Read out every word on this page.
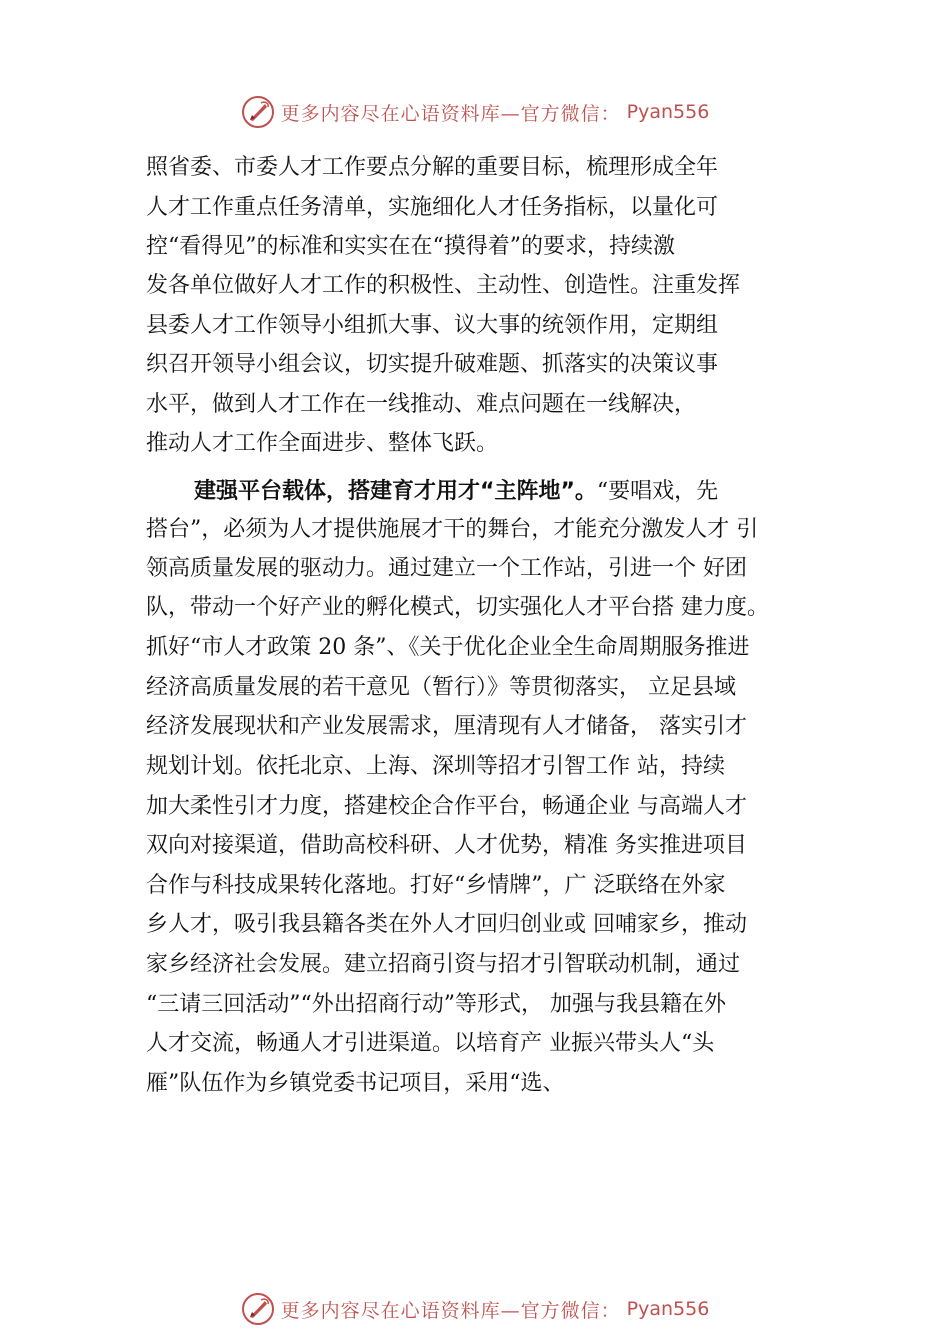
更多内容尽在心语资料库—官方微信： Pyan556
照省委、市委人才工作要点分解的重要目标，梳理形成全年
人才工作重点任务清单，实施细化人才任务指标，以量化可
控“看得见”的标准和实实在在“摸得着”的要求，持续激
发各单位做好人才工作的积极性、主动性、创造性。注重发挥
县委人才工作领导小组抓大事、议大事的统领作用，定期组
织召开领导小组会议，切实提升破难题、抓落实的决策议事
水平，做到人才工作在一线推动、难点问题在一线解决，
推动人才工作全面进步、整体飞跃。
建强平台载体，搭建育才用才“主阵地”。“要唱戏，先
搭台”，必须为人才提供施展才干的舞台，才能充分激发人才 引
领高质量发展的驱动力。通过建立一个工作站，引进一个 好团
队，带动一个好产业的孵化模式，切实强化人才平台搭 建力度。
抓好“市人才政策 20 条”、《关于优化企业全生命周期服务推进
经济高质量发展的若干意见（暂行）》等贯彻落实， 立足县域
经济发展现状和产业发展需求，厘清现有人才储备， 落实引才
规划计划。依托北京、上海、深圳等招才引智工作 站，持续
加大柔性引才力度，搭建校企合作平台，畅通企业 与高端人才
双向对接渠道，借助高校科研、人才优势，精准 务实推进项目
合作与科技成果转化落地。打好“乡情牌”，广 泛联络在外家
乡人才，吸引我县籍各类在外人才回归创业或 回哺家乡，推动
家乡经济社会发展。建立招商引资与招才引智联动机制，通过
“三请三回活动”“外出招商行动”等形式， 加强与我县籍在外
人才交流，畅通人才引进渠道。以培育产 业振兴带头人“头
雁”队伍作为乡镇党委书记项目，采用“选、
更多内容尽在心语资料库—官方微信： Pyan556
